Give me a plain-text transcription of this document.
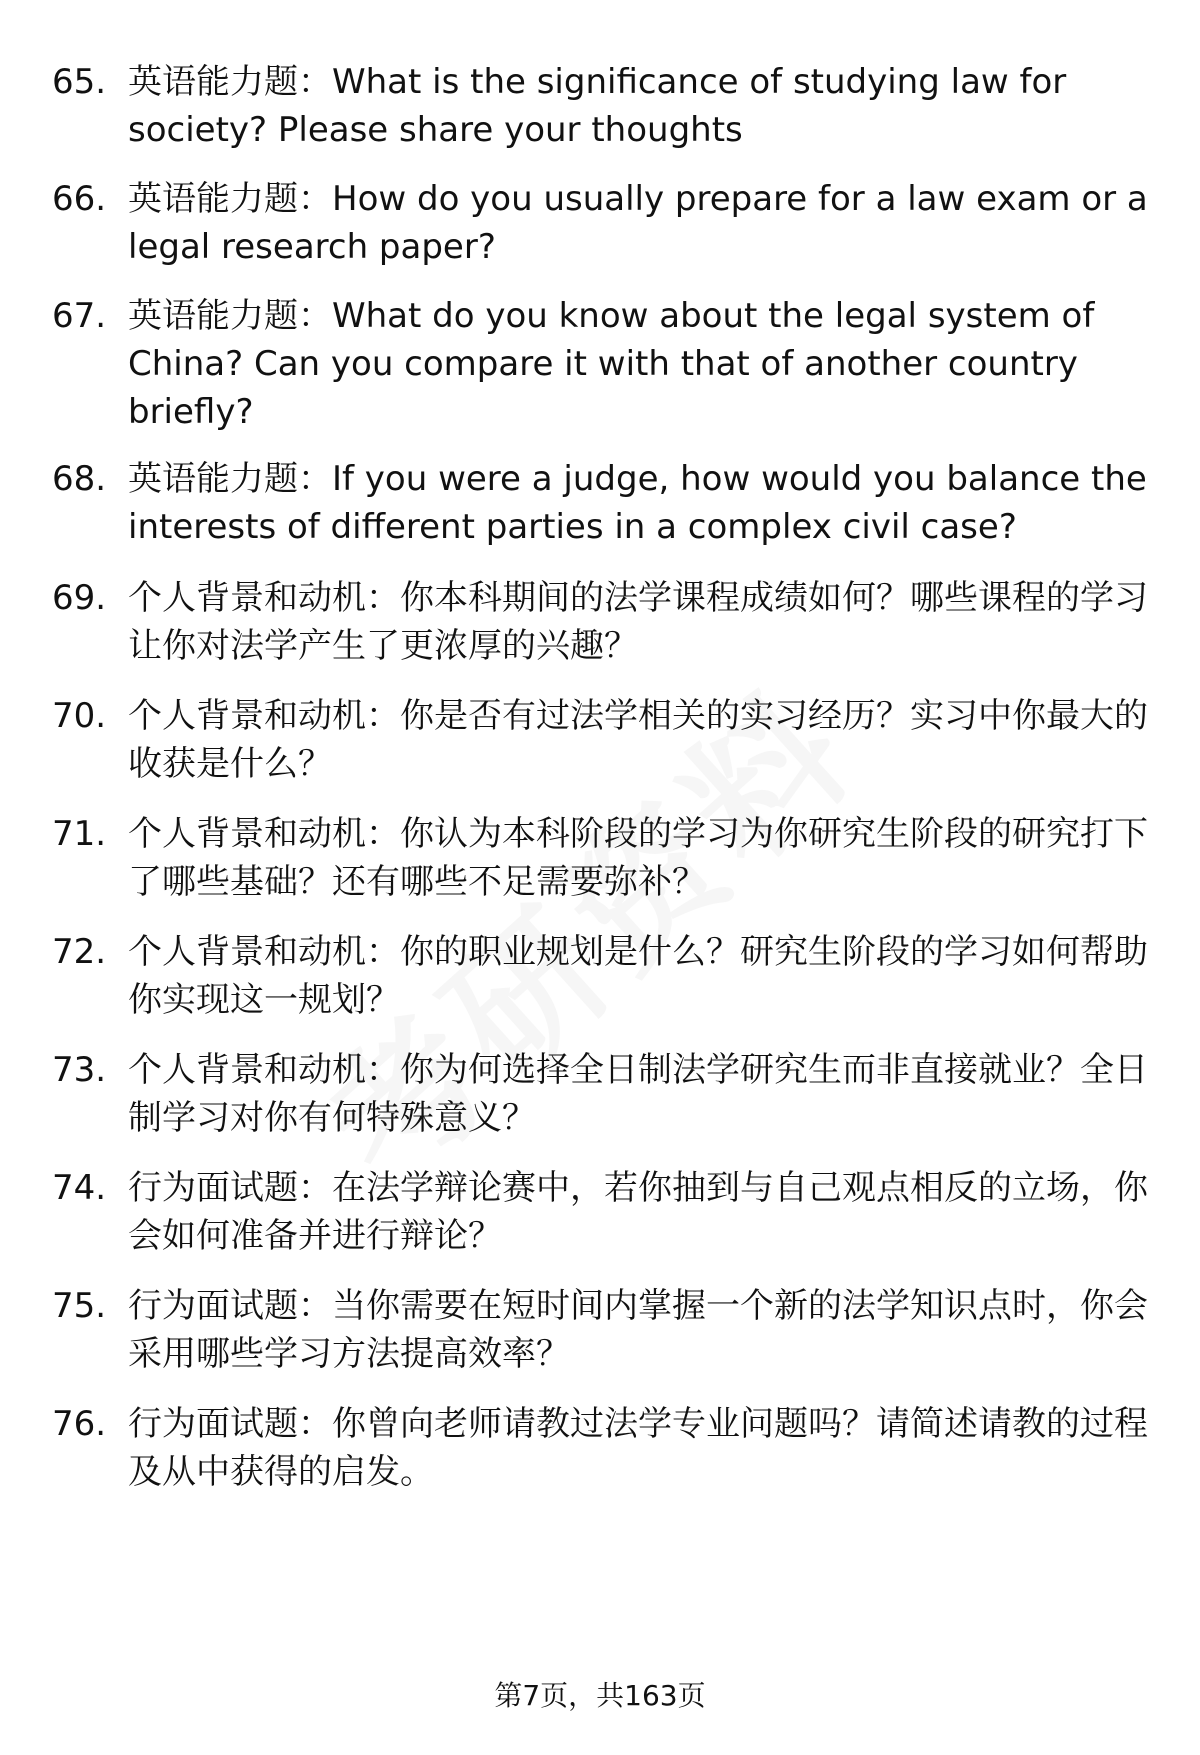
65. 英语能力题：What is the significance of studying law for society? Please share your thoughts
66. 英语能力题：How do you usually prepare for a law exam or a legal research paper?
67. 英语能力题：What do you know about the legal system of China? Can you compare it with that of another country briefly?
68. 英语能力题：If you were a judge, how would you balance the interests of different parties in a complex civil case?
69. 个人背景和动机：你本科期间的法学课程成绩如何？哪些课程的学习让你对法学产生了更浓厚的兴趣？
70. 个人背景和动机：你是否有过法学相关的实习经历？实习中你最大的收获是什么？
71. 个人背景和动机：你认为本科阶段的学习为你研究生阶段的研究打下了哪些基础？还有哪些不足需要弥补？
72. 个人背景和动机：你的职业规划是什么？研究生阶段的学习如何帮助你实现这一规划？
73. 个人背景和动机：你为何选择全日制法学研究生而非直接就业？全日制学习对你有何特殊意义？
74. 行为面试题：在法学辩论赛中，若你抽到与自己观点相反的立场，你会如何准备并进行辩论？
75. 行为面试题：当你需要在短时间内掌握一个新的法学知识点时，你会采用哪些学习方法提高效率？
76. 行为面试题：你曾向老师请教过法学专业问题吗？请简述请教的过程及从中获得的启发。
第7页，共163页
